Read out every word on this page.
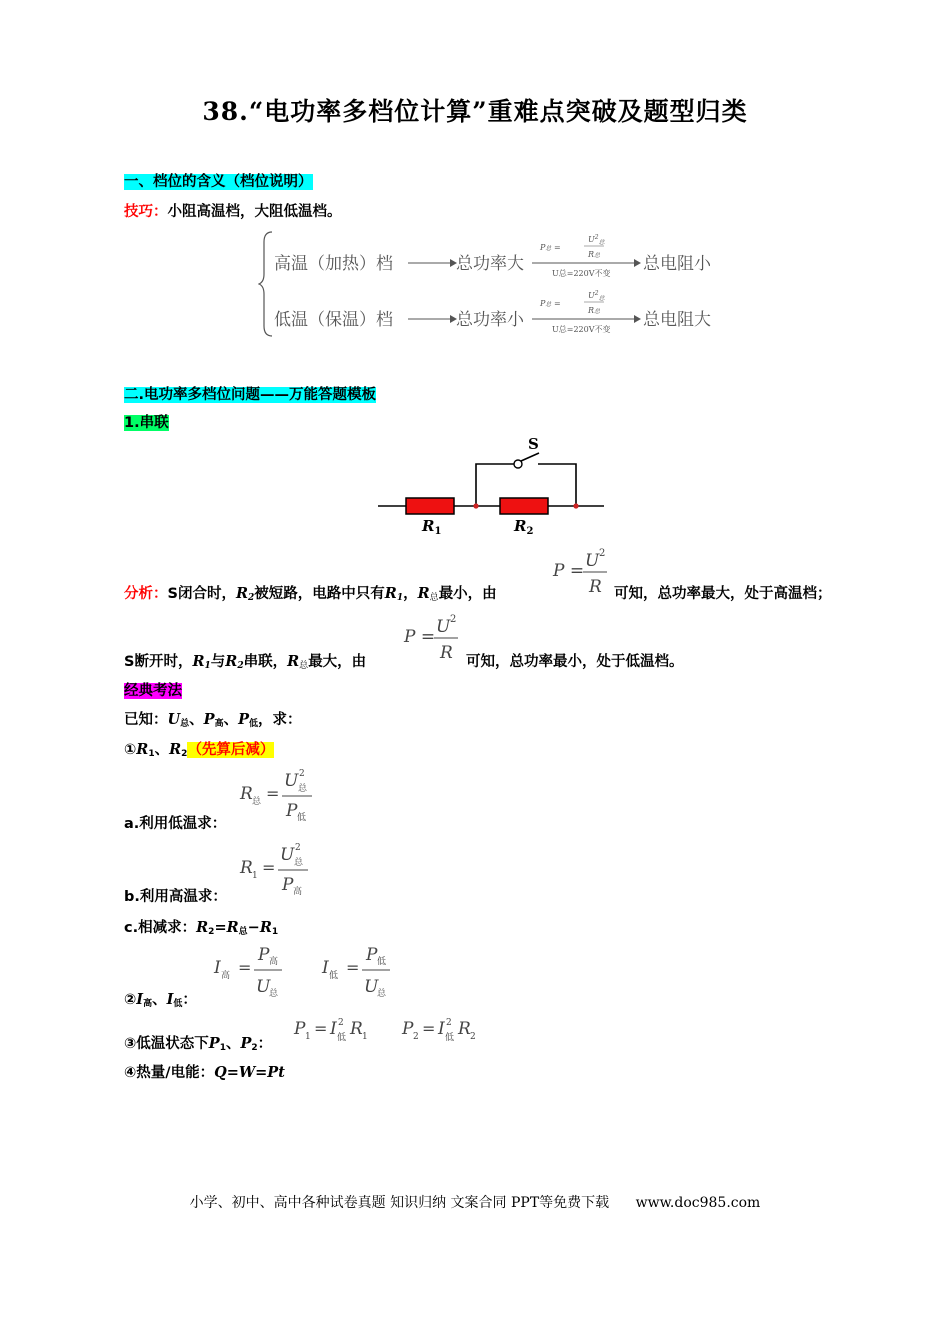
38.“电功率多档位计算”重难点突破及题型归类
一、档位的含义（档位说明）
技巧：小阻高温档，大阻低温档。
高温（加热）档	总功率大
P总 =
$U^2_总$
R总
U总=220V不变 总电阻小
低温（保温）档	总功率小
P总 =
$U^2_总$
R总
U总=220V不变 总电阻大
二.电功率多档位问题——万能答题模板
1.串联
S
$R_1$	$R_2$
分析：S闭合时，$R_2$被短路，电路中只有$R_1$，$R_总$最小，由
P = U 2
R 可知，总功率最大，处于高温档；
S断开时，$R_1$与$R_2$串联，$R_总$最大，由
P = U 2
R 可知，总功率最小，处于低温档。
经典考法
已知：$U_总$、$P_高$、$P_低$，求：
$①R_1$、$R_2$（先算后减）
R 总 =
U 2
总
P 低
a.利用低温求：
R 1 =
U 2
总
P 高
b.利用高温求：
c.相减求：$R_2=R_总-R_1$
I 高 =
P 高
U
总
I 低 =
P 低
U
总
$②I_高$、$I_低$：
P 1 = I 2
低 R 1 P 2 = I 2
低 R 2
③低温状态下$P_1$、$P_2$：
④热量/电能：Q=W=Pt
小学、初中、高中各种试卷真题 知识归纳 文案合同 PPT等免费下载 www.doc985.com
